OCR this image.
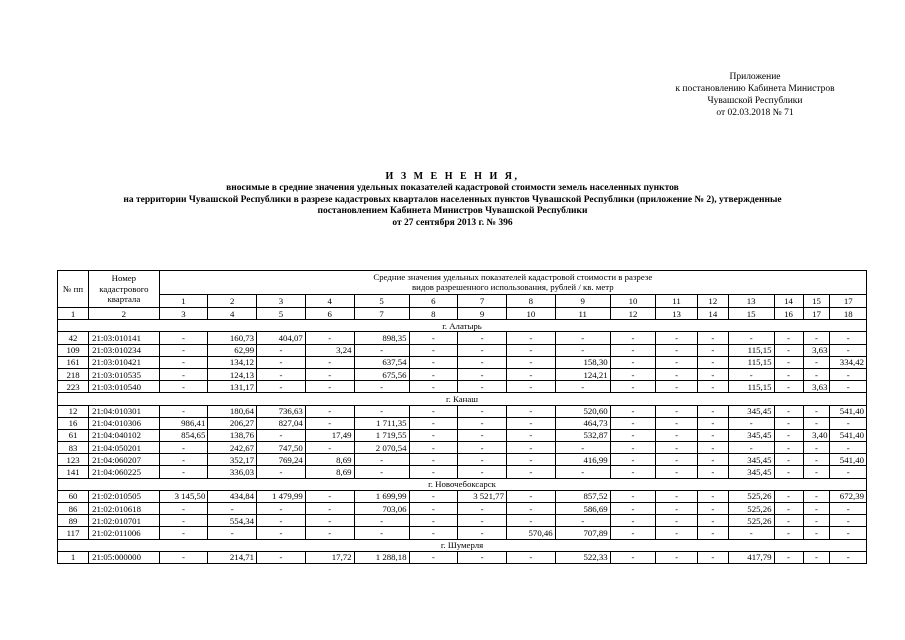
Приложение
к постановлению Кабинета Министров
Чувашской Республики
от 02.03.2018 № 71
И З М Е Н Е Н И Я,
вносимые в средние значения удельных показателей кадастровой стоимости земель населенных пунктов
на территории Чувашской Республики в разрезе кадастровых кварталов населенных пунктов Чувашской Республики (приложение № 2), утвержденные
постановлением Кабинета Министров Чувашской Республики
от 27 сентября 2013 г. № 396
№ пп	Номер кадастрового квартала	Средние значения удельных показателей кадастровой стоимости в разрезе
видов разрешенного использования, рублей / кв. метр															

		1	2	3	4	5	6	7	8	9	10	11	12	13	14	15	17
1	2	3	4	5	6	7	8	9	10	11	12	13	14	15	16	17	18
г. Алатырь																	
42	21:03:010141	-	160,73	404,07	-	898,35	-	-	-	-	-	-	-	-	-	-	-
109	21:03:010234	-	62,99	-	3,24	-	-	-	-	-	-	-	-	115,15	-	3,63	-
161	21:03:010421	-	134,12	-	-	637,54	-	-	-	158,30	-	-	-	115,15	-	-	334,42
218	21:03:010535	-	124,13	-	-	675,56	-	-	-	124,21	-	-	-	-	-	-	-
223	21:03:010540	-	131,17	-	-	-	-	-	-	-	-	-	-	115,15	-	3,63	-
г. Канаш																	
12	21:04:010301	-	180,64	736,63	-	-	-	-	-	520,60	-	-	-	345,45	-	-	541,40
16	21:04:010306	986,41	206,27	827,04	-	1 711,35	-	-	-	464,73	-	-	-	-	-	-	-
61	21:04:040102	854,65	138,76	-	17,49	1 719,55	-	-	-	532,87	-	-	-	345,45	-	3,40	541,40
83	21:04:050201	-	242,67	747,50	-	2 070,54	-	-	-	-	-	-	-	-	-	-	-
123	21:04:060207	-	352,17	769,24	8,69	-	-	-	-	416,99	-	-	-	345,45	-	-	541,40
141	21:04:060225	-	336,03	-	8,69	-	-	-	-	-	-	-	-	345,45	-	-	-
г. Новочебоксарск																	
60	21:02:010505	3 145,50	434,84	1 479,99	-	1 699,99	-	3 521,77	-	857,52	-	-	-	525,26	-	-	672,39
86	21:02:010618	-	-	-	-	703,06	-	-	-	586,69	-	-	-	525,26	-	-	-
89	21:02:010701	-	554,34	-	-	-	-	-	-	-	-	-	-	525,26	-	-	-
117	21:02:011006	-	-	-	-	-	-	-	570,46	707,89	-	-	-	-	-	-	-
г. Шумерля																	
1	21:05:000000	-	214,71	-	17,72	1 288,18	-	-	-	522,33	-	-	-	417,79	-	-	-
